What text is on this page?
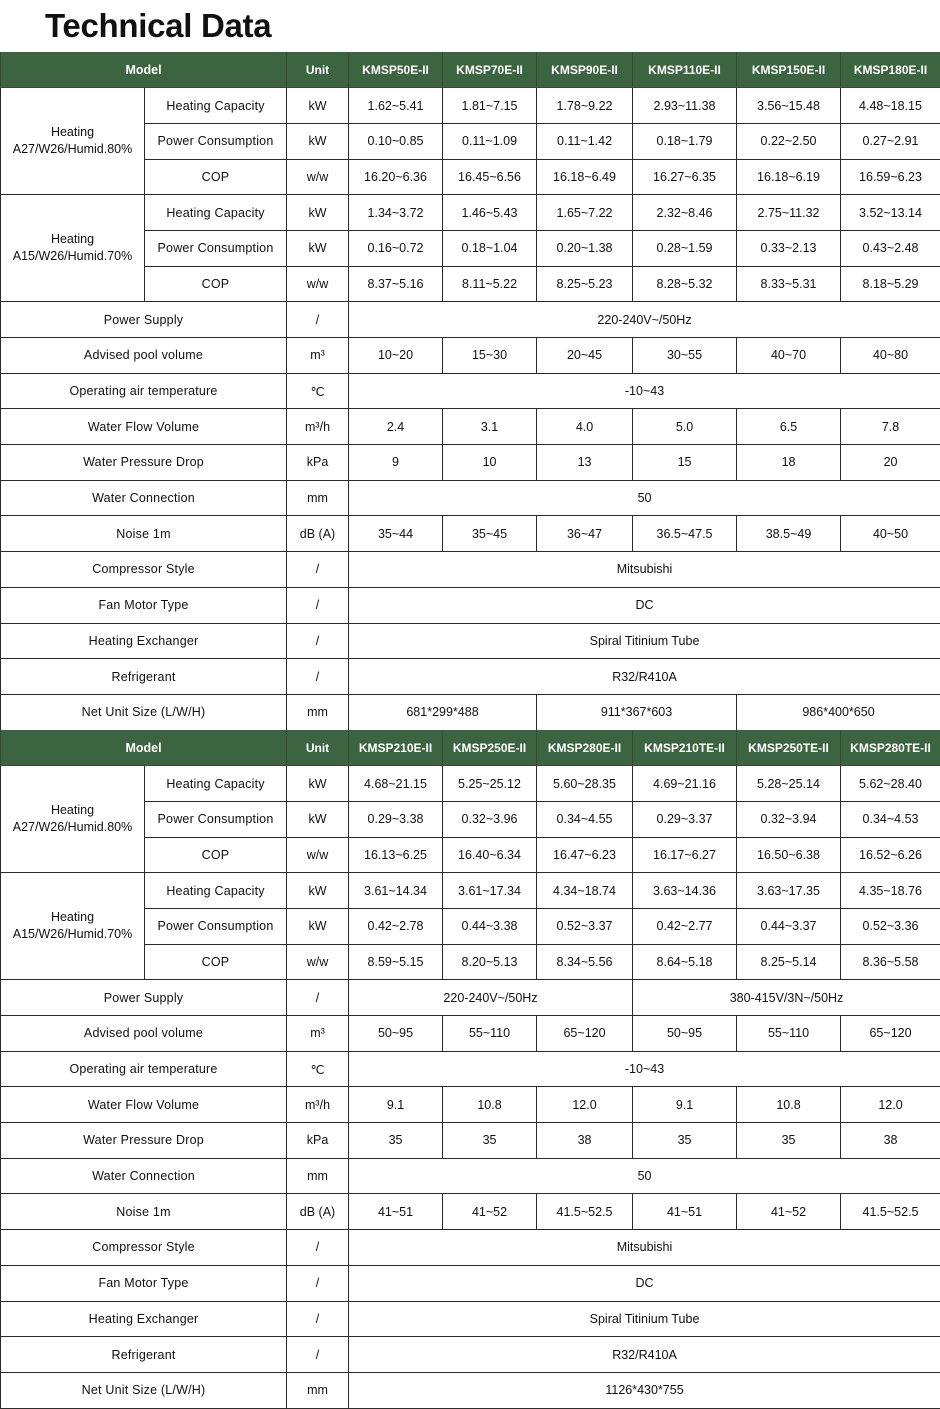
Technical Data
Model		Unit	KMSP50E-II	KMSP70E-II	KMSP90E-II	KMSP110E-II	KMSP150E-II	KMSP180E-II
Heating
A27/W26/Humid.80%	Heating Capacity	kW	1.62~5.41	1.81~7.15	1.78~9.22	2.93~11.38	3.56~15.48	4.48~18.15
	Power Consumption	kW	0.10~0.85	0.11~1.09	0.11~1.42	0.18~1.79	0.22~2.50	0.27~2.91
	COP	w/w	16.20~6.36	16.45~6.56	16.18~6.49	16.27~6.35	16.18~6.19	16.59~6.23
Heating
A15/W26/Humid.70%	Heating Capacity	kW	1.34~3.72	1.46~5.43	1.65~7.22	2.32~8.46	2.75~11.32	3.52~13.14
	Power Consumption	kW	0.16~0.72	0.18~1.04	0.20~1.38	0.28~1.59	0.33~2.13	0.43~2.48
	COP	w/w	8.37~5.16	8.11~5.22	8.25~5.23	8.28~5.32	8.33~5.31	8.18~5.29
Power Supply		/	220-240V~/50Hz					
Advised pool volume		m³	10~20	15~30	20~45	30~55	40~70	40~80
Operating air temperature		℃	-10~43					
Water Flow Volume		m³/h	2.4	3.1	4.0	5.0	6.5	7.8
Water Pressure Drop		kPa	9	10	13	15	18	20
Water Connection		mm	50					
Noise 1m		dB (A)	35~44	35~45	36~47	36.5~47.5	38.5~49	40~50
Compressor Style		/	Mitsubishi					
Fan Motor Type		/	DC					
Heating Exchanger		/	Spiral Titinium Tube					
Refrigerant		/	R32/R410A					
Net Unit Size (L/W/H)		mm	681*299*488		911*367*603		986*400*650	
Model		Unit	KMSP210E-II	KMSP250E-II	KMSP280E-II	KMSP210TE-II	KMSP250TE-II	KMSP280TE-II
Heating
A27/W26/Humid.80%	Heating Capacity	kW	4.68~21.15	5.25~25.12	5.60~28.35	4.69~21.16	5.28~25.14	5.62~28.40
	Power Consumption	kW	0.29~3.38	0.32~3.96	0.34~4.55	0.29~3.37	0.32~3.94	0.34~4.53
	COP	w/w	16.13~6.25	16.40~6.34	16.47~6.23	16.17~6.27	16.50~6.38	16.52~6.26
Heating
A15/W26/Humid.70%	Heating Capacity	kW	3.61~14.34	3.61~17.34	4.34~18.74	3.63~14.36	3.63~17.35	4.35~18.76
	Power Consumption	kW	0.42~2.78	0.44~3.38	0.52~3.37	0.42~2.77	0.44~3.37	0.52~3.36
	COP	w/w	8.59~5.15	8.20~5.13	8.34~5.56	8.64~5.18	8.25~5.14	8.36~5.58
Power Supply		/	220-240V~/50Hz			380-415V/3N~/50Hz		
Advised pool volume		m³	50~95	55~110	65~120	50~95	55~110	65~120
Operating air temperature		℃	-10~43					
Water Flow Volume		m³/h	9.1	10.8	12.0	9.1	10.8	12.0
Water Pressure Drop		kPa	35	35	38	35	35	38
Water Connection		mm	50					
Noise 1m		dB (A)	41~51	41~52	41.5~52.5	41~51	41~52	41.5~52.5
Compressor Style		/	Mitsubishi					
Fan Motor Type		/	DC					
Heating Exchanger		/	Spiral Titinium Tube					
Refrigerant		/	R32/R410A					
Net Unit Size (L/W/H)		mm	1126*430*755					
